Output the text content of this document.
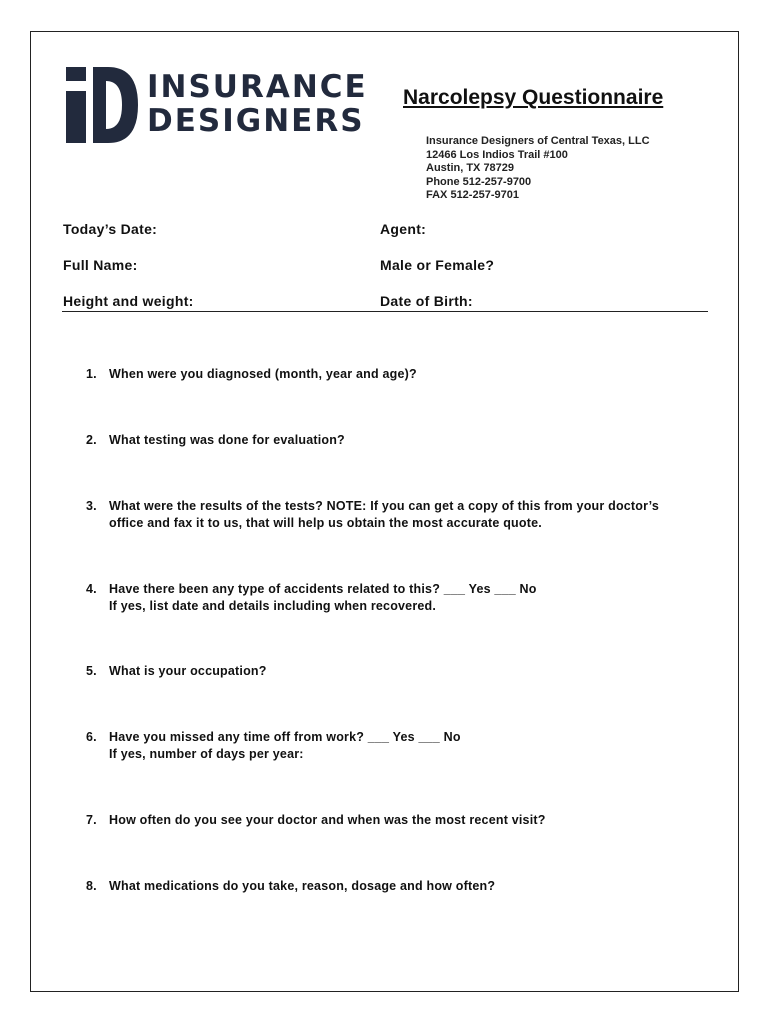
INSURANCE
DESIGNERS
Narcolepsy Questionnaire
Insurance Designers of Central Texas, LLC
12466 Los Indios Trail #100
Austin, TX 78729
Phone 512-257-9700
FAX 512-257-9701
Today’s Date:	Agent:
Full Name:	Male or Female?
Height and weight:	Date of Birth:
1. When were you diagnosed (month, year and age)?
2. What testing was done for evaluation?
3. What were the results of the tests? NOTE: If you can get a copy of this from your doctor’s
office and fax it to us, that will help us obtain the most accurate quote.
4. Have there been any type of accidents related to this? ___ Yes ___ No
If yes, list date and details including when recovered.
5. What is your occupation?
6. Have you missed any time off from work? ___ Yes ___ No
If yes, number of days per year:
7. How often do you see your doctor and when was the most recent visit?
8. What medications do you take, reason, dosage and how often?
